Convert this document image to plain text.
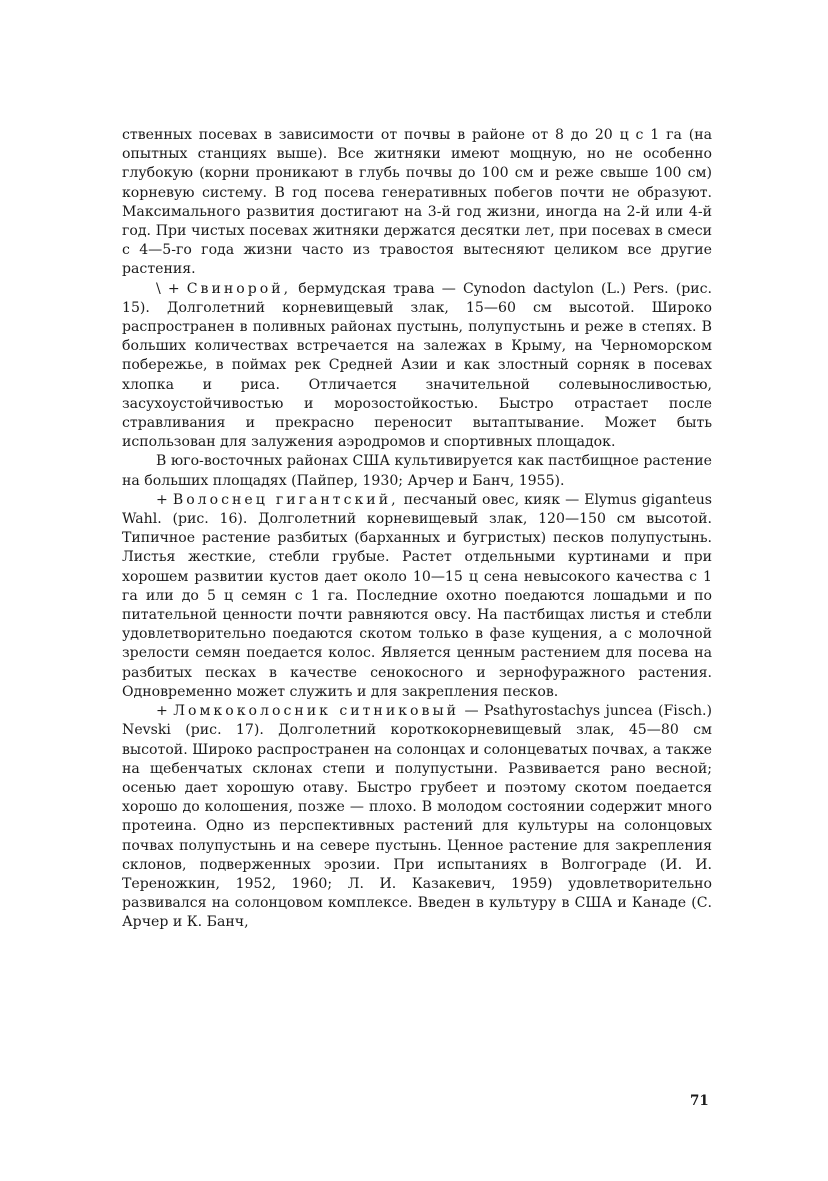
ственных посевах в зависимости от почвы в районе от 8 до 20 ц с 1 га (на опытных станциях выше). Все житняки имеют мощную, но не особенно глубокую (корни проникают в глубь почвы до 100 см и реже свыше 100 см) корневую систему. В год посева генеративных побегов почти не образуют. Максимального развития достигают на 3-й год жизни, иногда на 2-й или 4-й год. При чистых посевах житняки держатся десятки лет, при посевах в смеси с 4—5-го года жизни часто из травостоя вытесняют целиком все другие растения.

\ + Свинорой, бермудская трава — Cynodon dactylon (L.) Pers. (рис. 15). Долголетний корневищевый злак, 15—60 см высотой. Широко распространен в поливных районах пустынь, полупустынь и реже в степях. В больших количествах встречается на залежах в Крыму, на Черноморском побережье, в поймах рек Средней Азии и как злостный сорняк в посевах хлопка и риса. Отличается значительной солевыносливостью, засухоустойчивостью и морозостойкостью. Быстро отрастает после стравливания и прекрасно переносит вытаптывание. Может быть использован для залужения аэродромов и спортивных площадок.

В юго-восточных районах США культивируется как пастбищное растение на больших площадях (Пайпер, 1930; Арчер и Банч, 1955).

+ Волоснец гигантский, песчаный овес, кияк — Elymus giganteus Wahl. (рис. 16). Долголетний корневищевый злак, 120—150 см высотой. Типичное растение разбитых (барханных и бугристых) песков полупустынь. Листья жесткие, стебли грубые. Растет отдельными куртинами и при хорошем развитии кустов дает около 10—15 ц сена невысокого качества с 1 га или до 5 ц семян с 1 га. Последние охотно поедаются лошадьми и по питательной ценности почти равняются овсу. На пастбищах листья и стебли удовлетворительно поедаются скотом только в фазе кущения, а с молочной зрелости семян поедается колос. Является ценным растением для посева на разбитых песках в качестве сенокосного и зернофуражного растения. Одновременно может служить и для закрепления песков.

+ Ломкоколосник ситниковый — Psathyrostachys juncea (Fisch.) Nevski (рис. 17). Долголетний короткокорневищевый злак, 45—80 см высотой. Широко распространен на солонцах и солонцеватых почвах, а также на щебенчатых склонах степи и полупустыни. Развивается рано весной; осенью дает хорошую отаву. Быстро грубеет и поэтому скотом поедается хорошо до колошения, позже — плохо. В молодом состоянии содержит много протеина. Одно из перспективных растений для культуры на солонцовых почвах полупустынь и на севере пустынь. Ценное растение для закрепления склонов, подверженных эрозии. При испытаниях в Волгограде (И. И. Тереножкин, 1952, 1960; Л. И. Казакевич, 1959) удовлетворительно развивался на солонцовом комплексе. Введен в культуру в США и Канаде (С. Арчер и К. Банч,

71
